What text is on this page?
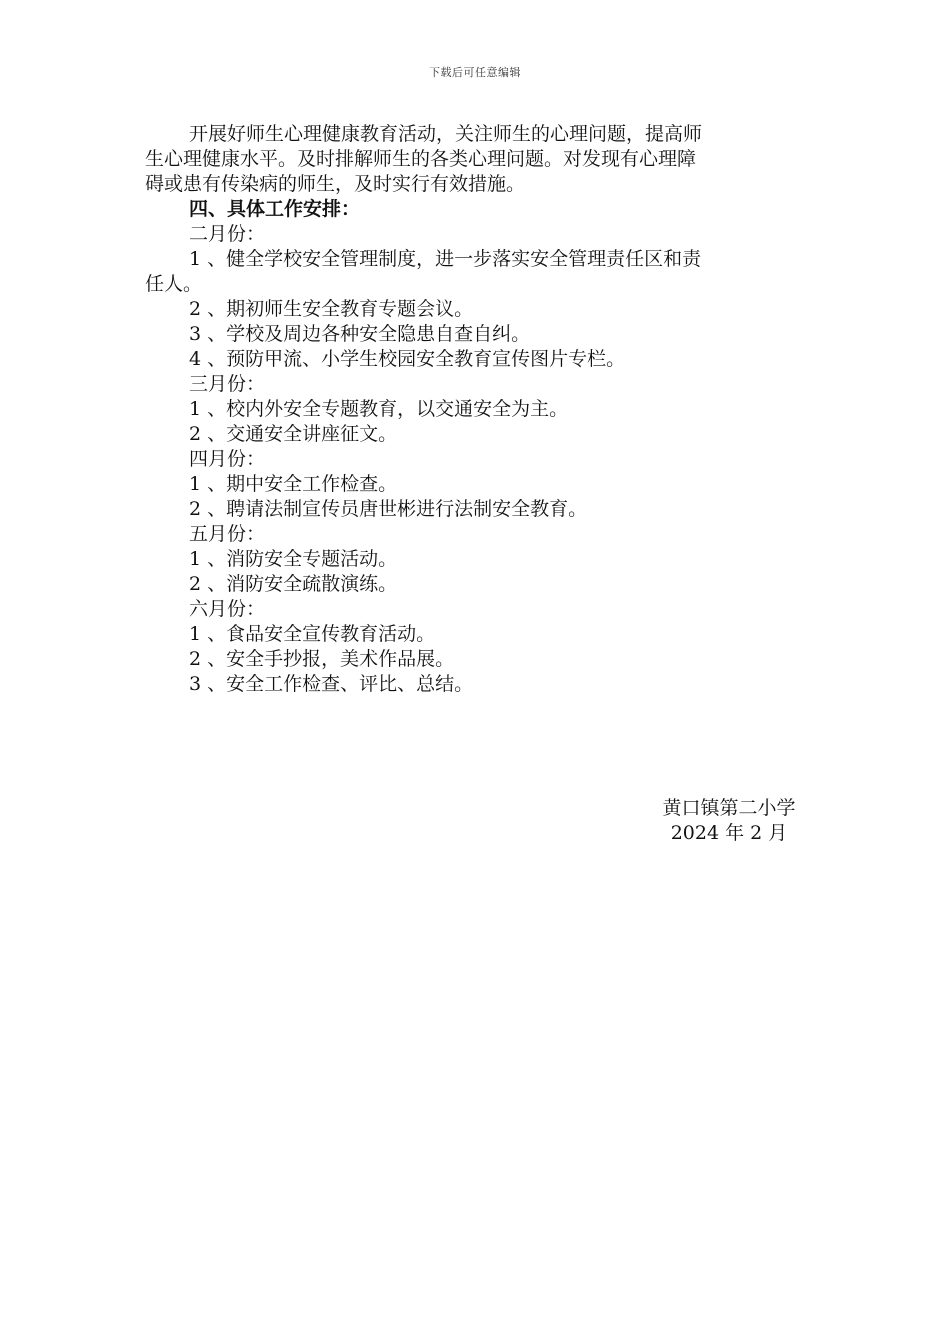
下载后可任意编辑
开展好师生心理健康教育活动，关注师生的心理问题，提高师
生心理健康水平。及时排解师生的各类心理问题。对发现有心理障
碍或患有传染病的师生，及时实行有效措施。
四、具体工作安排：
二月份：
1 、健全学校安全管理制度，进一步落实安全管理责任区和责
任人。
2 、期初师生安全教育专题会议。
3 、学校及周边各种安全隐患自查自纠。
4 、预防甲流、小学生校园安全教育宣传图片专栏。
三月份：
1 、校内外安全专题教育，以交通安全为主。
2 、交通安全讲座征文。
四月份：
1 、期中安全工作检查。
2 、聘请法制宣传员唐世彬进行法制安全教育。
五月份：
1 、消防安全专题活动。
2 、消防安全疏散演练。
六月份：
1 、食品安全宣传教育活动。
2 、安全手抄报，美术作品展。
3 、安全工作检查、评比、总结。
黄口镇第二小学
2024 年 2 月
